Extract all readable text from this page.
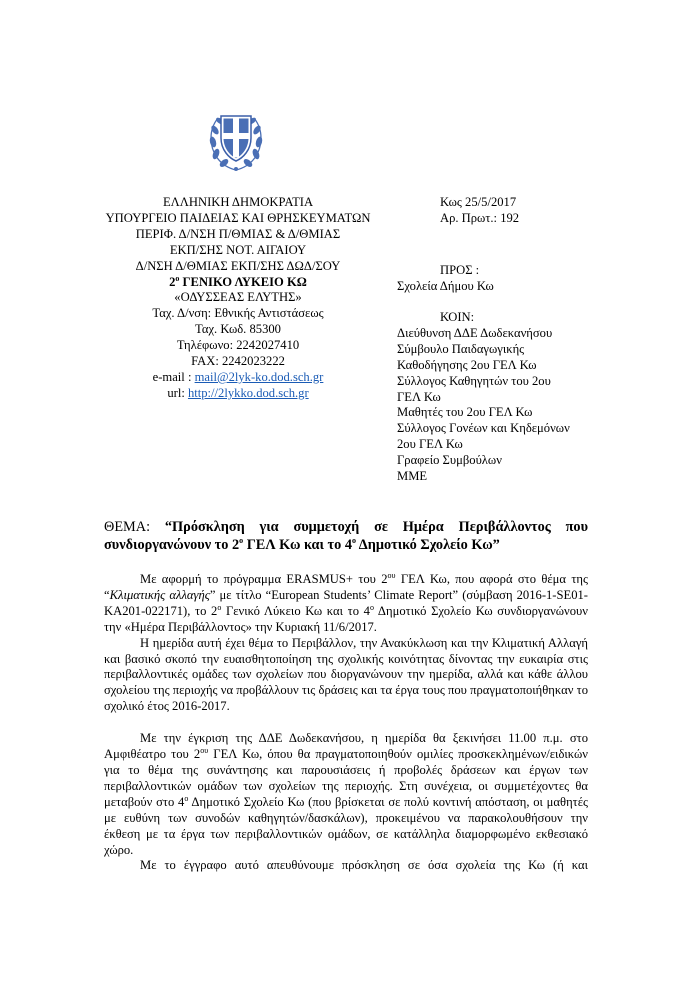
ΕΛΛΗΝΙΚΗ ΔΗΜΟΚΡΑΤΙΑ
ΥΠΟΥΡΓΕΙΟ ΠΑΙΔΕΙΑΣ ΚΑΙ ΘΡΗΣΚΕΥΜΑΤΩΝ
ΠΕΡΙΦ. Δ/ΝΣΗ Π/ΘΜΙΑΣ & Δ/ΘΜΙΑΣ
ΕΚΠ/ΣΗΣ ΝΟΤ. ΑΙΓΑΙΟΥ
Δ/ΝΣΗ Δ/ΘΜΙΑΣ ΕΚΠ/ΣΗΣ ΔΩΔ/ΣΟΥ
$2^o$ ΓΕΝΙΚΟ ΛΥΚΕΙΟ ΚΩ
«ΟΔΥΣΣΕΑΣ ΕΛΥΤΗΣ»
Ταχ. Δ/νση: Εθνικής Αντιστάσεως
Ταχ. Κωδ. 85300
Τηλέφωνο: 2242027410
FAX: 2242023222
e-mail : mail@2lyk-ko.dod.sch.gr
url: http://2lykko.dod.sch.gr
Κως 25/5/2017
Αρ. Πρωτ.: 192
ΠΡΟΣ :
Σχολεία Δήμου Κω
ΚΟΙΝ:
Διεύθυνση ΔΔΕ Δωδεκανήσου
Σύμβουλο Παιδαγωγικής
Καθοδήγησης 2ου ΓΕΛ Κω
Σύλλογος Καθηγητών του 2ου
ΓΕΛ Κω
Μαθητές του 2ου ΓΕΛ Κω
Σύλλογος Γονέων και Κηδεμόνων
2ου ΓΕΛ Κω
Γραφείο Συμβούλων
ΜΜΕ
ΘΕΜΑ: “Πρόσκληση για συμμετοχή σε Ημέρα Περιβάλλοντος που
συνδιοργανώνουν το $2^o$ ΓΕΛ Κω και το $4^o$ Δημοτικό Σχολείο Κω”

Με αφορμή το πρόγραμμα ERASMUS+ του $2^{o\upsilon}$ ΓΕΛ Κω, που αφορά στο θέμα της “Κλιματικής αλλαγής” με τίτλο “European Students’ Climate Report” (σύμβαση 2016-1-SE01-KA201-022171), το $2^o$ Γενικό Λύκειο Κω και το $4^o$ Δημοτικό Σχολείο Κω συνδιοργανώνουν την «Ημέρα Περιβάλλοντος» την Κυριακή 11/6/2017.

Η ημερίδα αυτή έχει θέμα το Περιβάλλον, την Ανακύκλωση και την Κλιματική Αλλαγή και βασικό σκοπό την ευαισθητοποίηση της σχολικής κοινότητας δίνοντας την ευκαιρία στις περιβαλλοντικές ομάδες των σχολείων που διοργανώνουν την ημερίδα, αλλά και κάθε άλλου σχολείου της περιοχής να προβάλλουν τις δράσεις και τα έργα τους που πραγματοποιήθηκαν το σχολικό έτος 2016-2017.

Με την έγκριση της ΔΔΕ Δωδεκανήσου, η ημερίδα θα ξεκινήσει 11.00 π.μ. στο Αμφιθέατρο του $2^{o\upsilon}$ ΓΕΛ Κω, όπου θα πραγματοποιηθούν ομιλίες προσκεκλημένων/ειδικών για το θέμα της συνάντησης και παρουσιάσεις ή προβολές δράσεων και έργων των περιβαλλοντικών ομάδων των σχολείων της περιοχής. Στη συνέχεια, οι συμμετέχοντες θα μεταβούν στο $4^o$ Δημοτικό Σχολείο Κω (που βρίσκεται σε πολύ κοντινή απόσταση, οι μαθητές με ευθύνη των συνοδών καθηγητών/δασκάλων), προκειμένου να παρακολουθήσουν την έκθεση με τα έργα των περιβαλλοντικών ομάδων, σε κατάλληλα διαμορφωμένο εκθεσιακό χώρο.

Με το έγγραφο αυτό απευθύνουμε πρόσκληση σε όσα σχολεία της Κω (ή και
